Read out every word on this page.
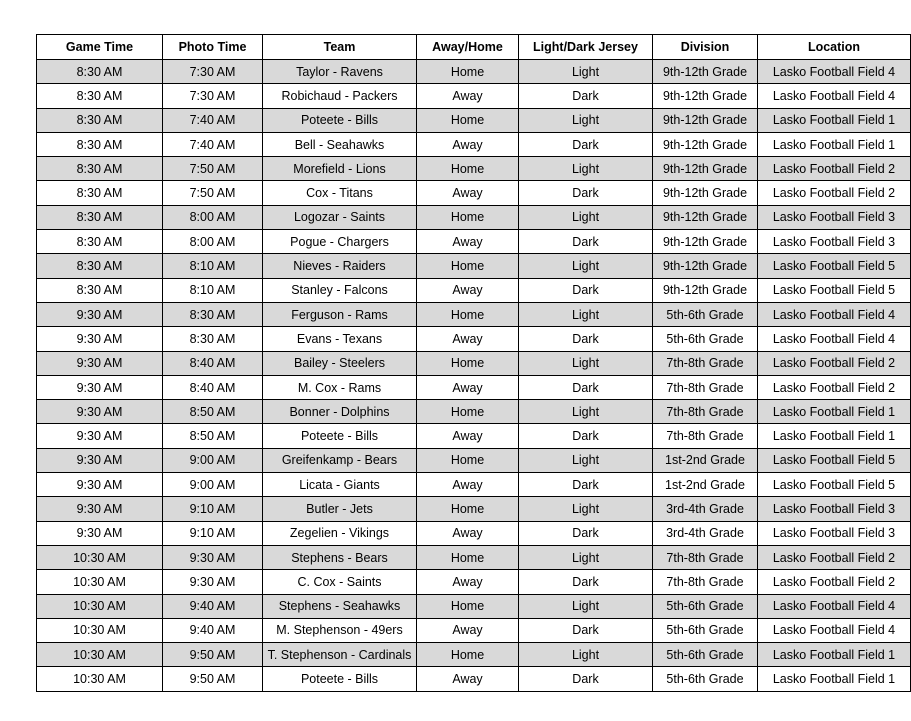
Game Time	Photo Time	Team	Away/Home	Light/Dark Jersey	Division	Location
8:30 AM	7:30 AM	Taylor - Ravens	Home	Light	9th-12th Grade	Lasko Football Field 4
8:30 AM	7:30 AM	Robichaud - Packers	Away	Dark	9th-12th Grade	Lasko Football Field 4
8:30 AM	7:40 AM	Poteete - Bills	Home	Light	9th-12th Grade	Lasko Football Field 1
8:30 AM	7:40 AM	Bell - Seahawks	Away	Dark	9th-12th Grade	Lasko Football Field 1
8:30 AM	7:50 AM	Morefield - Lions	Home	Light	9th-12th Grade	Lasko Football Field 2
8:30 AM	7:50 AM	Cox - Titans	Away	Dark	9th-12th Grade	Lasko Football Field 2
8:30 AM	8:00 AM	Logozar - Saints	Home	Light	9th-12th Grade	Lasko Football Field 3
8:30 AM	8:00 AM	Pogue - Chargers	Away	Dark	9th-12th Grade	Lasko Football Field 3
8:30 AM	8:10 AM	Nieves - Raiders	Home	Light	9th-12th Grade	Lasko Football Field 5
8:30 AM	8:10 AM	Stanley - Falcons	Away	Dark	9th-12th Grade	Lasko Football Field 5
9:30 AM	8:30 AM	Ferguson - Rams	Home	Light	5th-6th Grade	Lasko Football Field 4
9:30 AM	8:30 AM	Evans - Texans	Away	Dark	5th-6th Grade	Lasko Football Field 4
9:30 AM	8:40 AM	Bailey - Steelers	Home	Light	7th-8th Grade	Lasko Football Field 2
9:30 AM	8:40 AM	M. Cox - Rams	Away	Dark	7th-8th Grade	Lasko Football Field 2
9:30 AM	8:50 AM	Bonner - Dolphins	Home	Light	7th-8th Grade	Lasko Football Field 1
9:30 AM	8:50 AM	Poteete - Bills	Away	Dark	7th-8th Grade	Lasko Football Field 1
9:30 AM	9:00 AM	Greifenkamp - Bears	Home	Light	1st-2nd Grade	Lasko Football Field 5
9:30 AM	9:00 AM	Licata - Giants	Away	Dark	1st-2nd Grade	Lasko Football Field 5
9:30 AM	9:10 AM	Butler - Jets	Home	Light	3rd-4th Grade	Lasko Football Field 3
9:30 AM	9:10 AM	Zegelien - Vikings	Away	Dark	3rd-4th Grade	Lasko Football Field 3
10:30 AM	9:30 AM	Stephens - Bears	Home	Light	7th-8th Grade	Lasko Football Field 2
10:30 AM	9:30 AM	C. Cox - Saints	Away	Dark	7th-8th Grade	Lasko Football Field 2
10:30 AM	9:40 AM	Stephens - Seahawks	Home	Light	5th-6th Grade	Lasko Football Field 4
10:30 AM	9:40 AM	M. Stephenson - 49ers	Away	Dark	5th-6th Grade	Lasko Football Field 4
10:30 AM	9:50 AM	T. Stephenson - Cardinals	Home	Light	5th-6th Grade	Lasko Football Field 1
10:30 AM	9:50 AM	Poteete - Bills	Away	Dark	5th-6th Grade	Lasko Football Field 1
